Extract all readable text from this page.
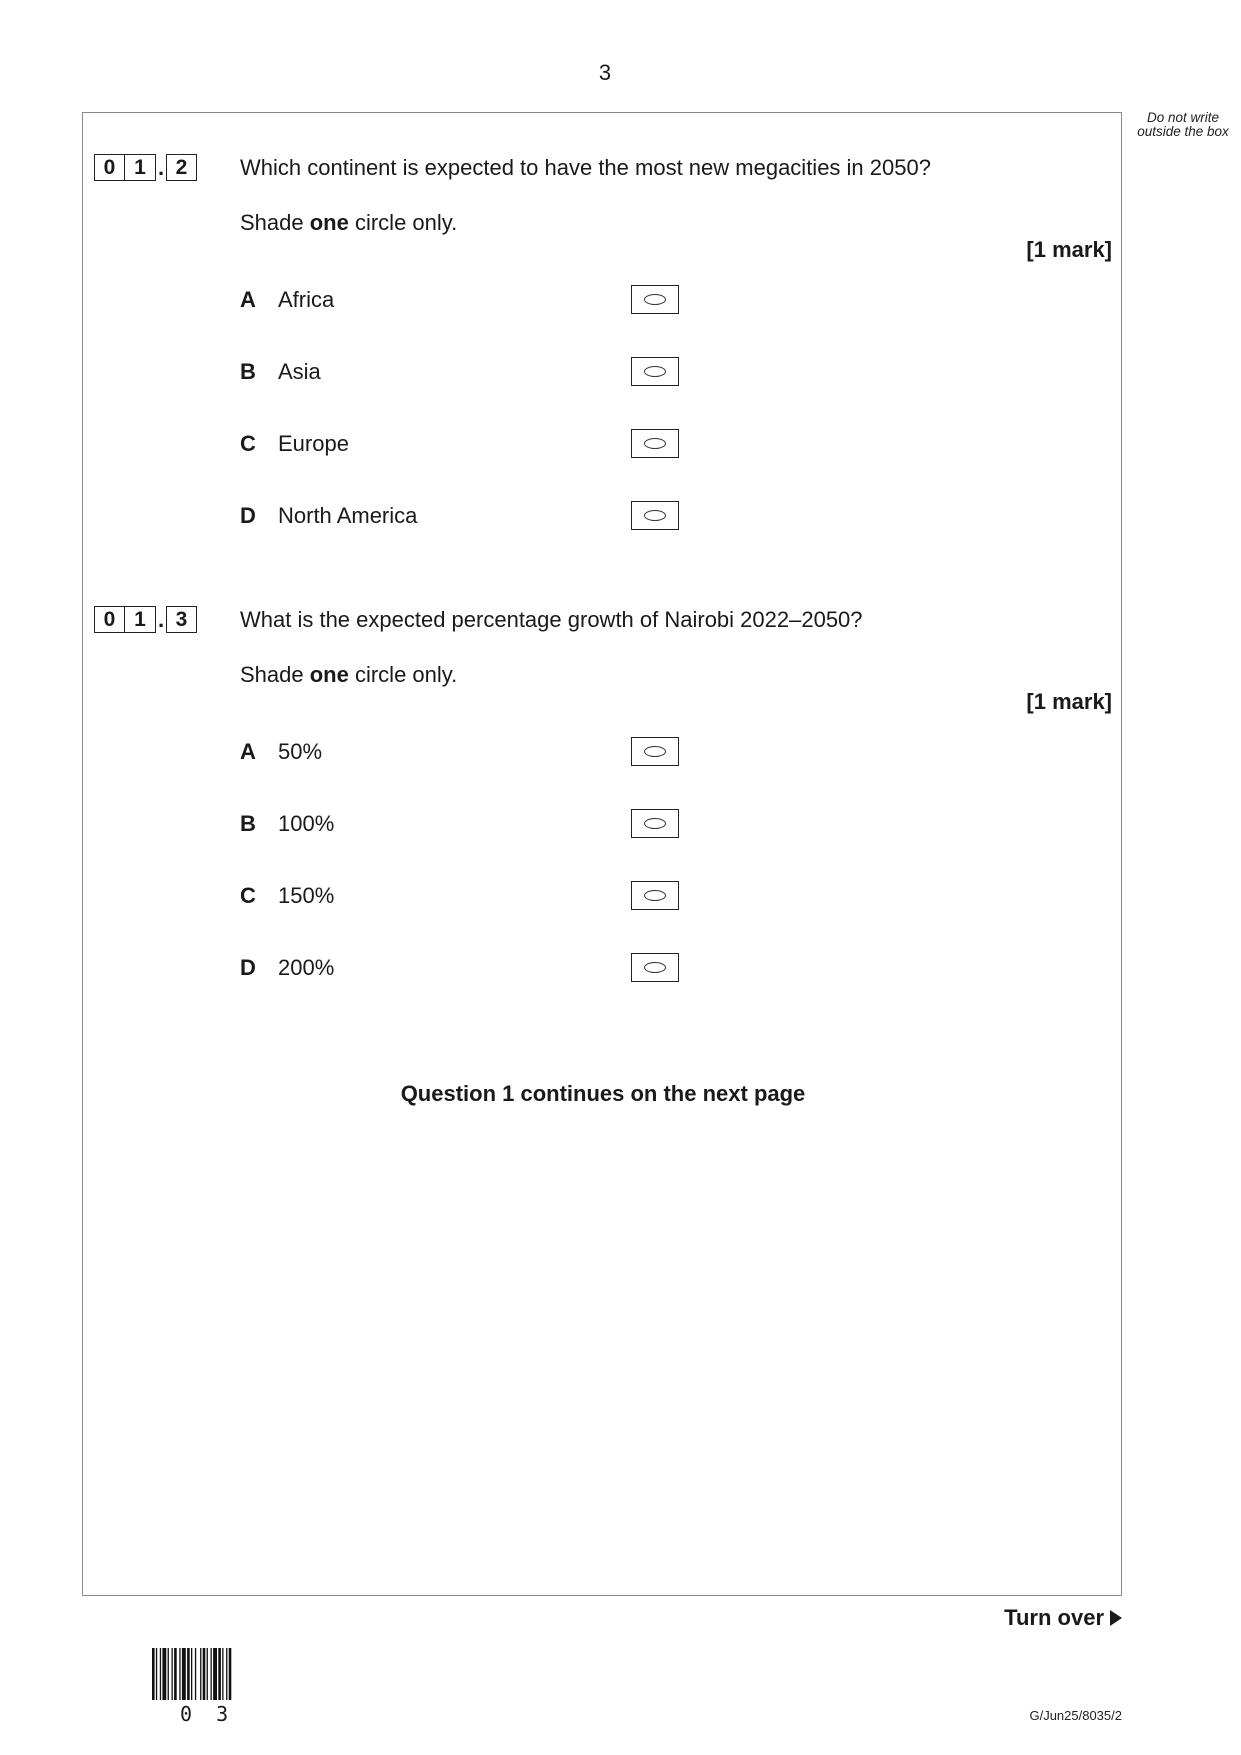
3
Do not write outside the box
0 1 . 2	Which continent is expected to have the most new megacities in 2050?
Shade one circle only.
[1 mark]
A Africa
B Asia
C Europe
D North America
0 1 . 3	What is the expected percentage growth of Nairobi 2022–2050?
Shade one circle only.
[1 mark]
A 50%
B 100%
C 150%
D 200%
Question 1 continues on the next page
Turn over
0 3	G/Jun25/8035/2
